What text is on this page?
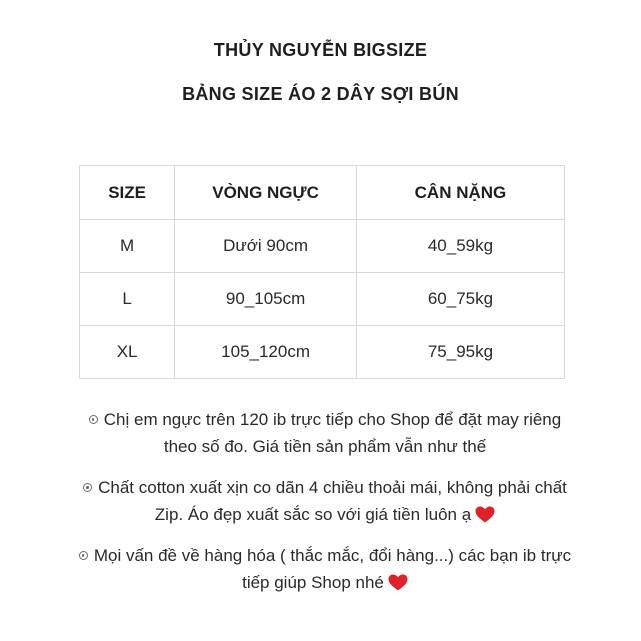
THỦY NGUYỄN BIGSIZE
BẢNG SIZE ÁO 2 DÂY SỢI BÚN
SIZE	VÒNG NGỰC	CÂN NẶNG
M	Dưới 90cm	40_59kg
L	90_105cm	60_75kg
XL	105_120cm	75_95kg

Chị em ngực trên 120 ib trực tiếp cho Shop để đặt may riêng theo số đo. Giá tiền sản phẩm vẫn như thế

Chất cotton xuất xịn co dãn 4 chiều thoải mái, không phải chất Zip. Áo đẹp xuất sắc so với giá tiền luôn ạ

Mọi vấn đề về hàng hóa ( thắc mắc, đổi hàng...) các bạn ib trực tiếp giúp Shop nhé
